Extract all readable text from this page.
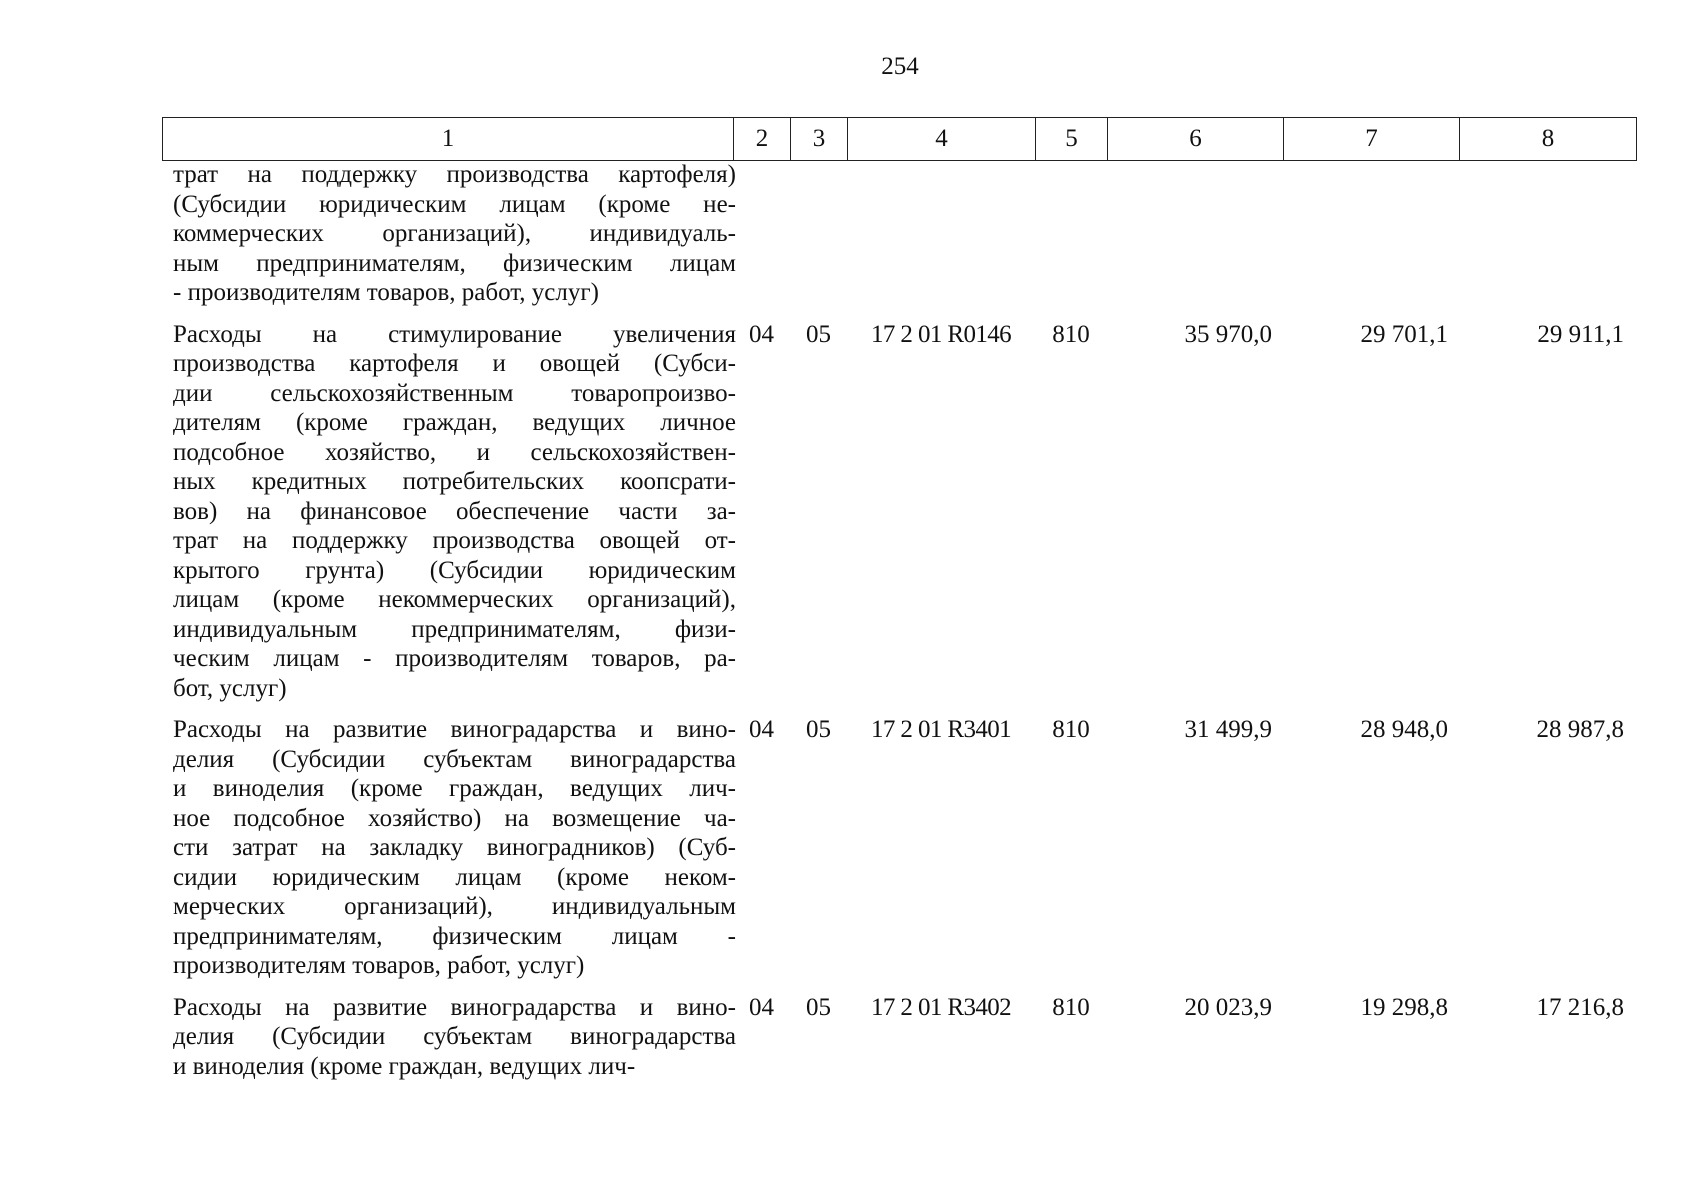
254
1	2	3	4	5	6	7	8
трат на поддержку производства картофеля)
(Субсидии юридическим лицам (кроме не-
коммерческих организаций), индивидуаль-
ным предпринимателям, физическим лицам
- производителям товаров, работ, услуг)
Расходы на стимулирование увеличения
производства картофеля и овощей (Субси-
дии сельскохозяйственным товаропроизво-
дителям (кроме граждан, ведущих личное
подсобное хозяйство, и сельскохозяйствен-
ных кредитных потребительских коопсрати-
вов) на финансовое обеспечение части за-
трат на поддержку производства овощей от-
крытого грунта) (Субсидии юридическим
лицам (кроме некоммерческих организаций),
индивидуальным предпринимателям, физи-
ческим лицам - производителям товаров, ра-
бот, услуг)
04	05	17 2 01 R0146	810	35 970,0	29 701,1	29 911,1
Расходы на развитие виноградарства и вино-
делия (Субсидии субъектам виноградарства
и виноделия (кроме граждан, ведущих лич-
ное подсобное хозяйство) на возмещение ча-
сти затрат на закладку виноградников) (Суб-
сидии юридическим лицам (кроме неком-
мерческих организаций), индивидуальным
предпринимателям, физическим лицам -
производителям товаров, работ, услуг)
04	05	17 2 01 R3401	810	31 499,9	28 948,0	28 987,8
Расходы на развитие виноградарства и вино-
делия (Субсидии субъектам виноградарства
и виноделия (кроме граждан, ведущих лич-
04	05	17 2 01 R3402	810	20 023,9	19 298,8	17 216,8
